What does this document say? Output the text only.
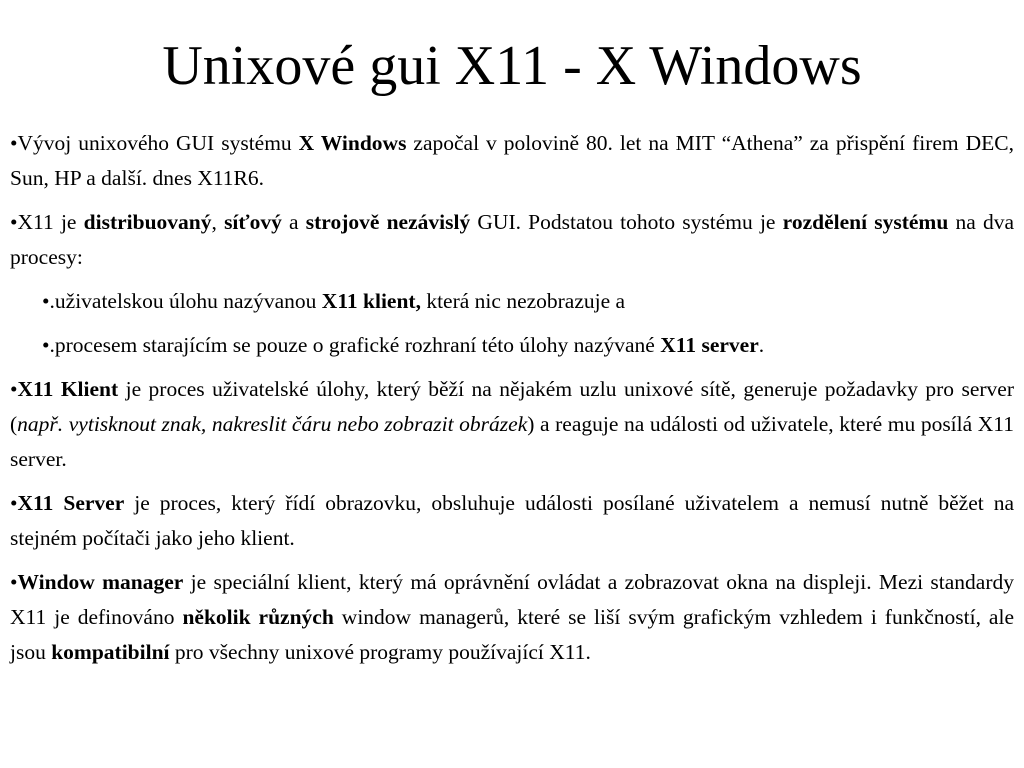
Unixové gui X11 - X Windows

•Vývoj unixového GUI systému X Windows započal v polovině 80. let na MIT “Athena” za přispění firem DEC, Sun, HP a další. dnes X11R6.

•X11 je distribuovaný, síťový a strojově nezávislý GUI. Podstatou tohoto systému je rozdělení systému na dva procesy:

•.uživatelskou úlohu nazývanou X11 klient, která nic nezobrazuje a

•.procesem starajícím se pouze o grafické rozhraní této úlohy nazývané X11 server.

•X11 Klient je proces uživatelské úlohy, který běží na nějakém uzlu unixové sítě, generuje požadavky pro server (např. vytisknout znak, nakreslit čáru nebo zobrazit obrázek) a reaguje na události od uživatele, které mu posílá X11 server.

•X11 Server je proces, který řídí obrazovku, obsluhuje události posílané uživatelem a nemusí nutně běžet na stejném počítači jako jeho klient.

•Window manager je speciální klient, který má oprávnění ovládat a zobrazovat okna na displeji. Mezi standardy X11 je definováno několik různých window managerů, které se liší svým grafickým vzhledem i funkčností, ale jsou kompatibilní pro všechny unixové programy používající X11.
